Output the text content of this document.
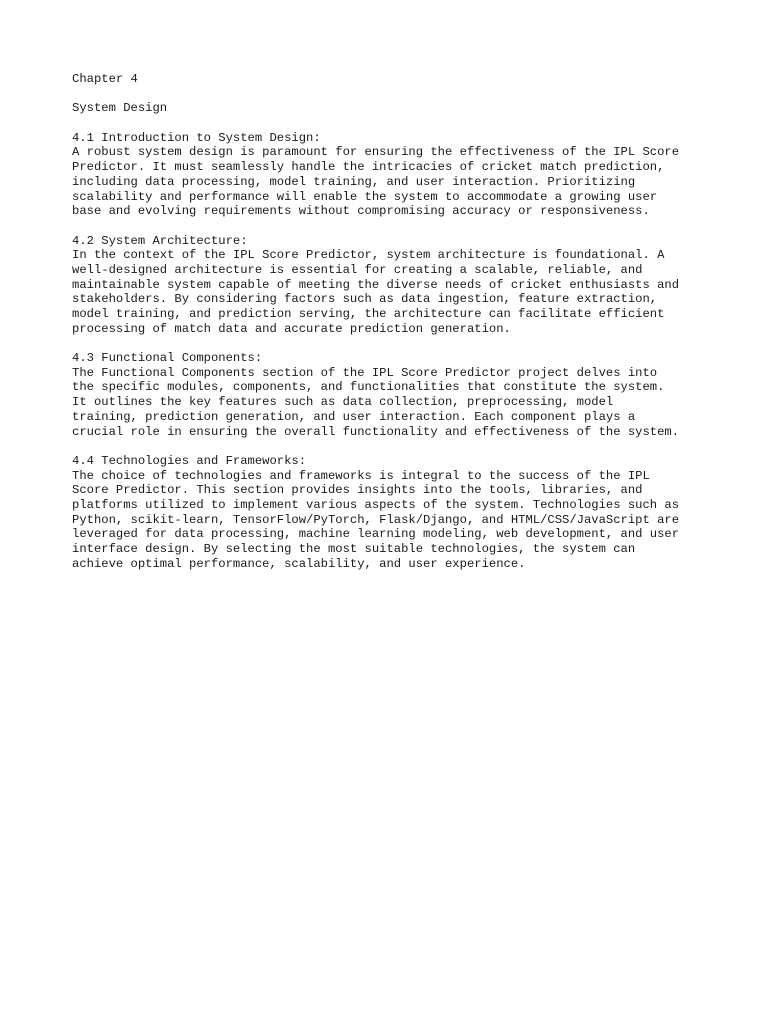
Chapter 4

System Design

4.1 Introduction to System Design:

A robust system design is paramount for ensuring the effectiveness of the IPL Score

Predictor. It must seamlessly handle the intricacies of cricket match prediction,

including data processing, model training, and user interaction. Prioritizing

scalability and performance will enable the system to accommodate a growing user

base and evolving requirements without compromising accuracy or responsiveness.

4.2 System Architecture:

In the context of the IPL Score Predictor, system architecture is foundational. A

well-designed architecture is essential for creating a scalable, reliable, and

maintainable system capable of meeting the diverse needs of cricket enthusiasts and

stakeholders. By considering factors such as data ingestion, feature extraction,

model training, and prediction serving, the architecture can facilitate efficient

processing of match data and accurate prediction generation.

4.3 Functional Components:

The Functional Components section of the IPL Score Predictor project delves into

the specific modules, components, and functionalities that constitute the system.

It outlines the key features such as data collection, preprocessing, model

training, prediction generation, and user interaction. Each component plays a

crucial role in ensuring the overall functionality and effectiveness of the system.

4.4 Technologies and Frameworks:

The choice of technologies and frameworks is integral to the success of the IPL

Score Predictor. This section provides insights into the tools, libraries, and

platforms utilized to implement various aspects of the system. Technologies such as

Python, scikit-learn, TensorFlow/PyTorch, Flask/Django, and HTML/CSS/JavaScript are

leveraged for data processing, machine learning modeling, web development, and user

interface design. By selecting the most suitable technologies, the system can

achieve optimal performance, scalability, and user experience.
